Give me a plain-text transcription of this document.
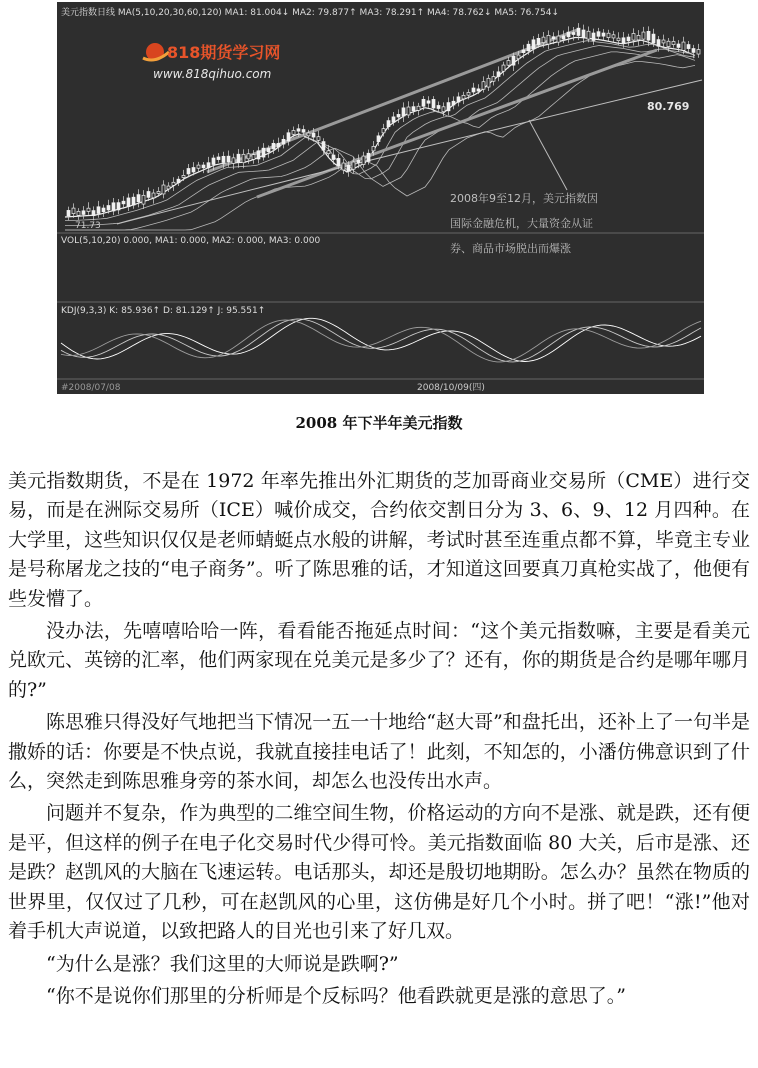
818期货学习网
www.818qihuo.com
美元指数日线 MA(5,10,20,30,60,120) MA1: 81.004↓ MA2: 79.877↑ MA3: 78.291↑ MA4: 78.762↓ MA5: 76.754↓
80.769
71.73
VOL(5,10,20) 0.000, MA1: 0.000, MA2: 0.000, MA3: 0.000
KDJ(9,3,3) K: 85.936↑ D: 81.129↑ J: 95.551↑
2008年9至12月，美元指数因
国际金融危机，大量资金从证
券、商品市场脱出而爆涨
#2008/07/08	2008/10/09(四)
2008 年下半年美元指数

美元指数期货，不是在 1972 年率先推出外汇期货的芝加哥商业交易所（CME）进行交易，而是在洲际交易所（ICE）喊价成交，合约依交割日分为 3、6、9、12 月四种。在大学里，这些知识仅仅是老师蜻蜓点水般的讲解，考试时甚至连重点都不算，毕竟主专业是号称屠龙之技的“电子商务”。听了陈思雅的话，才知道这回要真刀真枪实战了，他便有些发懵了。

没办法，先嘻嘻哈哈一阵，看看能否拖延点时间：“这个美元指数嘛，主要是看美元兑欧元、英镑的汇率，他们两家现在兑美元是多少了？还有，你的期货是合约是哪年哪月的?”

陈思雅只得没好气地把当下情况一五一十地给“赵大哥”和盘托出，还补上了一句半是撒娇的话：你要是不快点说，我就直接挂电话了！此刻，不知怎的，小潘仿佛意识到了什么，突然走到陈思雅身旁的茶水间，却怎么也没传出水声。

问题并不复杂，作为典型的二维空间生物，价格运动的方向不是涨、就是跌，还有便是平，但这样的例子在电子化交易时代少得可怜。美元指数面临 80 大关，后市是涨、还是跌？赵凯风的大脑在飞速运转。电话那头，却还是殷切地期盼。怎么办？虽然在物质的世界里，仅仅过了几秒，可在赵凯风的心里，这仿佛是好几个小时。拼了吧！“涨!”他对着手机大声说道，以致把路人的目光也引来了好几双。

“为什么是涨？我们这里的大师说是跌啊?”

“你不是说你们那里的分析师是个反标吗？他看跌就更是涨的意思了。”
